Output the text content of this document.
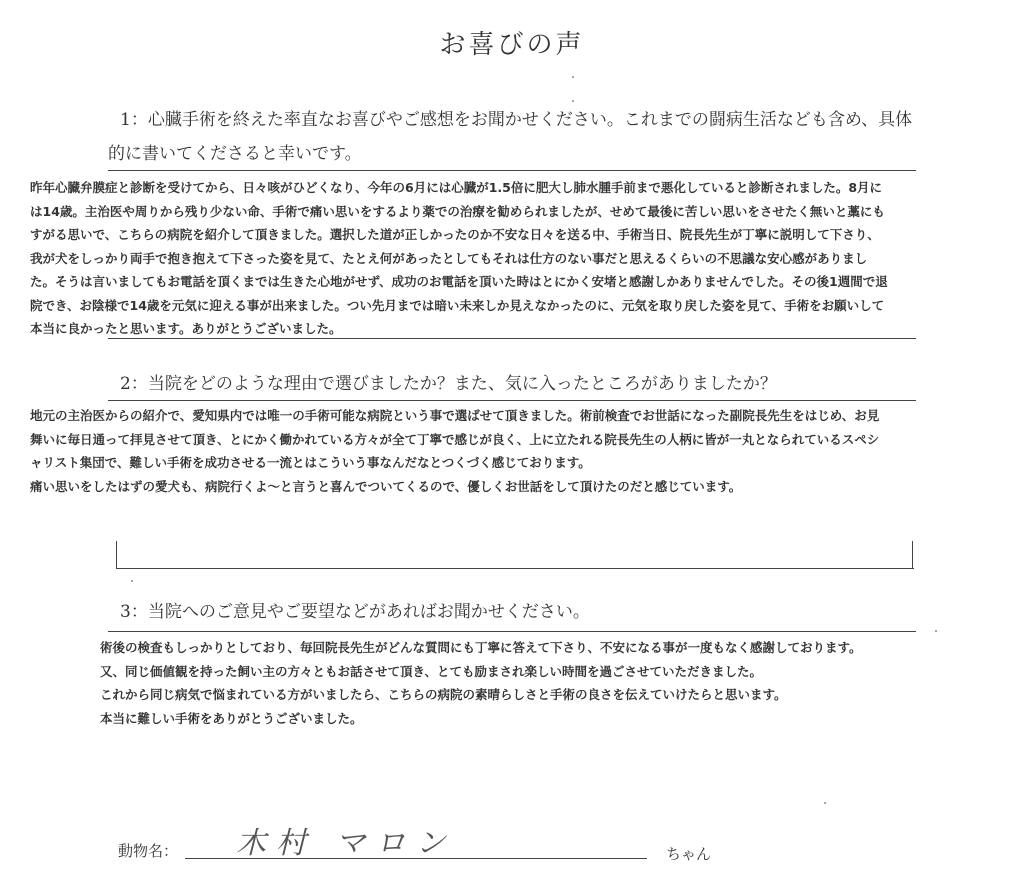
お喜びの声
1：心臓手術を終えた率直なお喜びやご感想をお聞かせください。これまでの闘病生活なども含め、具体
的に書いてくださると幸いです。
昨年心臓弁膜症と診断を受けてから、日々咳がひどくなり、今年の6月には心臓が1.5倍に肥大し肺水腫手前まで悪化していると診断されました。8月に
は14歳。主治医や周りから残り少ない命、手術で痛い思いをするより薬での治療を勧められましたが、せめて最後に苦しい思いをさせたく無いと藁にも
すがる思いで、こちらの病院を紹介して頂きました。選択した道が正しかったのか不安な日々を送る中、手術当日、院長先生が丁寧に説明して下さり、
我が犬をしっかり両手で抱き抱えて下さった姿を見て、たとえ何があったとしてもそれは仕方のない事だと思えるくらいの不思議な安心感がありまし
た。そうは言いましてもお電話を頂くまでは生きた心地がせず、成功のお電話を頂いた時はとにかく安堵と感謝しかありませんでした。その後1週間で退
院でき、お陰様で14歳を元気に迎える事が出来ました。つい先月までは暗い未来しか見えなかったのに、元気を取り戻した姿を見て、手術をお願いして
本当に良かったと思います。ありがとうございました。
2：当院をどのような理由で選びましたか？また、気に入ったところがありましたか？
地元の主治医からの紹介で、愛知県内では唯一の手術可能な病院という事で選ばせて頂きました。術前検査でお世話になった副院長先生をはじめ、お見
舞いに毎日通って拝見させて頂き、とにかく働かれている方々が全て丁寧で感じが良く、上に立たれる院長先生の人柄に皆が一丸となられているスペシ
ャリスト集団で、難しい手術を成功させる一流とはこういう事なんだなとつくづく感じております。
痛い思いをしたはずの愛犬も、病院行くよ〜と言うと喜んでついてくるので、優しくお世話をして頂けたのだと感じています。
3：当院へのご意見やご要望などがあればお聞かせください。
術後の検査もしっかりとしており、毎回院長先生がどんな質問にも丁寧に答えて下さり、不安になる事が一度もなく感謝しております。
又、同じ価値観を持った飼い主の方々ともお話させて頂き、とても励まされ楽しい時間を過ごさせていただきました。
これから同じ病気で悩まれている方がいましたら、こちらの病院の素晴らしさと手術の良さを伝えていけたらと思います。
本当に難しい手術をありがとうございました。
動物名： 木村 マロン	ちゃん
